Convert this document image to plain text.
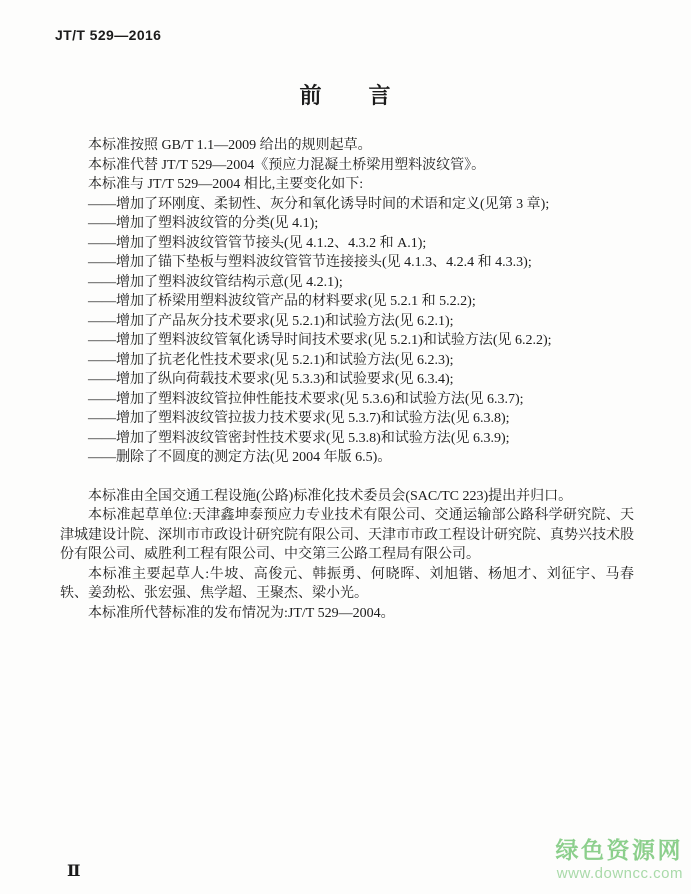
JT/T 529—2016
前　　言

本标准按照 GB/T 1.1—2009 给出的规则起草。

本标准代替 JT/T 529—2004《预应力混凝土桥梁用塑料波纹管》。

本标准与 JT/T 529—2004 相比,主要变化如下:

——增加了环刚度、柔韧性、灰分和氧化诱导时间的术语和定义(见第 3 章);

——增加了塑料波纹管的分类(见 4.1);

——增加了塑料波纹管管节接头(见 4.1.2、4.3.2 和 A.1);

——增加了锚下垫板与塑料波纹管管节连接接头(见 4.1.3、4.2.4 和 4.3.3);

——增加了塑料波纹管结构示意(见 4.2.1);

——增加了桥梁用塑料波纹管产品的材料要求(见 5.2.1 和 5.2.2);

——增加了产品灰分技术要求(见 5.2.1)和试验方法(见 6.2.1);

——增加了塑料波纹管氧化诱导时间技术要求(见 5.2.1)和试验方法(见 6.2.2);

——增加了抗老化性技术要求(见 5.2.1)和试验方法(见 6.2.3);

——增加了纵向荷载技术要求(见 5.3.3)和试验要求(见 6.3.4);

——增加了塑料波纹管拉伸性能技术要求(见 5.3.6)和试验方法(见 6.3.7);

——增加了塑料波纹管拉拔力技术要求(见 5.3.7)和试验方法(见 6.3.8);

——增加了塑料波纹管密封性技术要求(见 5.3.8)和试验方法(见 6.3.9);

——删除了不圆度的测定方法(见 2004 年版 6.5)。

本标准由全国交通工程设施(公路)标准化技术委员会(SAC/TC 223)提出并归口。

本标准起草单位:天津鑫坤泰预应力专业技术有限公司、交通运输部公路科学研究院、天津城建设计院、深圳市市政设计研究院有限公司、天津市市政工程设计研究院、真势兴技术股份有限公司、威胜利工程有限公司、中交第三公路工程局有限公司。

本标准主要起草人:牛坡、高俊元、韩振勇、何晓晖、刘旭锴、杨旭才、刘征宇、马春轶、姜劲松、张宏强、焦学超、王聚杰、梁小光。

本标准所代替标准的发布情况为:JT/T 529—2004。

Ⅱ
绿色资源网
www.downcc.com
